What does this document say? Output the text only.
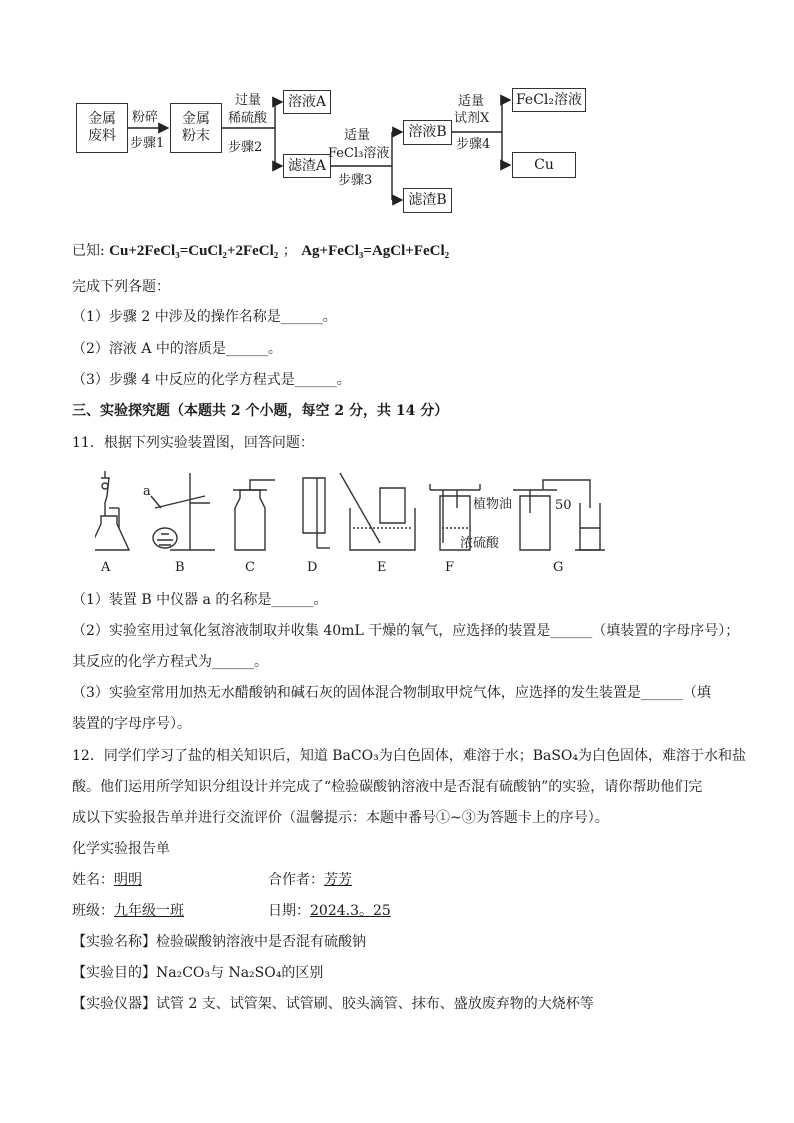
金属
废料
粉碎
步骤1
金属
粉末
过量
稀硫酸
步骤2
溶液A
滤渣A
适量
FeCl₃溶液
步骤3
溶液B
滤渣B
适量
试剂X
步骤4
FeCl₂溶液
Cu
已知: Cu+2FeCl₃=CuCl₂+2FeCl₂ ； Ag+FeCl₃=AgCl+FeCl₂
完成下列各题：
（1）步骤 2 中涉及的操作名称是______。
（2）溶液 A 中的溶质是______。
（3）步骤 4 中反应的化学方程式是______。
三、实验探究题（本题共 2 个小题，每空 2 分，共 14 分）
11．根据下列实验装置图，回答问题：
A	B	C	D	E	F	G
a
植物油
浓硫酸
50
（1）装置 B 中仪器 a 的名称是______。
（2）实验室用过氧化氢溶液制取并收集 40mL 干燥的氧气，应选择的装置是______（填装置的字母序号）；
其反应的化学方程式为______。
（3）实验室常用加热无水醋酸钠和碱石灰的固体混合物制取甲烷气体，应选择的发生装置是______（填
装置的字母序号）。
12．同学们学习了盐的相关知识后，知道 BaCO₃为白色固体，难溶于水；BaSO₄为白色固体，难溶于水和盐
酸。他们运用所学知识分组设计并完成了“检验碳酸钠溶液中是否混有硫酸钠”的实验，请你帮助他们完
成以下实验报告单并进行交流评价（温馨提示：本题中番号①~③为答题卡上的序号）。
化学实验报告单
姓名：明明	合作者：芳芳
班级：九年级一班	日期：2024.3。25
【实验名称】检验碳酸钠溶液中是否混有硫酸钠
【实验目的】Na₂CO₃与 Na₂SO₄的区别
【实验仪器】试管 2 支、试管架、试管刷、胶头滴管、抹布、盛放废弃物的大烧杯等
